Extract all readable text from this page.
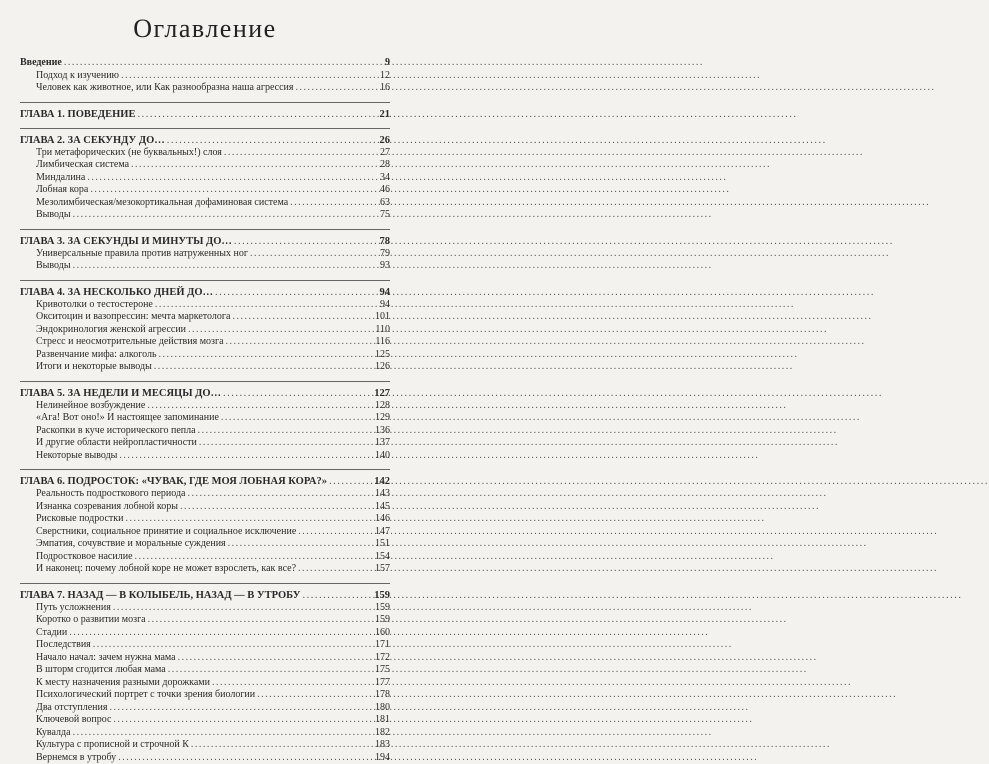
Оглавление
Введение .....	9
Подход к изучению .....	12
Человек как животное, или Как разнообразна наша агрессия .....	16
ГЛАВА 1. ПОВЕДЕНИЕ .....	21
ГЛАВА 2. ЗА СЕКУНДУ ДО… .....	26
Три метафорических (не буквальных!) слоя .....	27
Лимбическая система .....	28
Миндалина .....	34
Лобная кора .....	46
Мезолимбическая/мезокортикальная дофаминовая система .....	63
Выводы .....	75
ГЛАВА 3. ЗА СЕКУНДЫ И МИНУТЫ ДО… .....	78
Универсальные правила против натруженных ног .....	79
Выводы .....	93
ГЛАВА 4. ЗА НЕСКОЛЬКО ДНЕЙ ДО… .....	94
Кривотолки о тестостероне .....	94
Окситоцин и вазопрессин: мечта маркетолога .....	101
Эндокринология женской агрессии .....	110
Стресс и неосмотрительные действия мозга .....	116
Развенчание мифа: алкоголь .....	125
Итоги и некоторые выводы .....	126
ГЛАВА 5. ЗА НЕДЕЛИ И МЕСЯЦЫ ДО… .....	127
Нелинейное возбуждение .....	128
«Ага! Вот оно!» И настоящее запоминание .....	129
Раскопки в куче исторического пепла .....	136
И другие области нейропластичности .....	137
Некоторые выводы .....	140
ГЛАВА 6. ПОДРОСТОК: «ЧУВАК, ГДЕ МОЯ ЛОБНАЯ КОРА?» .....	142
Реальность подросткового периода .....	143
Изнанка созревания лобной коры .....	145
Рисковые подростки .....	146
Сверстники, социальное принятие и социальное исключение .....	147
Эмпатия, сочувствие и моральные суждения .....	151
Подростковое насилие .....	154
И наконец: почему лобной коре не может взрослеть, как все? .....	157
ГЛАВА 7. НАЗАД — В КОЛЫБЕЛЬ, НАЗАД — В УТРОБУ .....	159
Путь усложнения .....	159
Коротко о развитии мозга .....	159
Стадии .....	160
Последствия .....	171
Начало начал: зачем нужна мама .....	172
В шторм сгодится любая мама .....	175
К месту назначения разными дорожками .....	177
Психологический портрет с точки зрения биологии .....	178
Два отступления .....	180
Ключевой вопрос .....	181
Кувалда .....	182
Культура с прописной и строчной К .....	183
Вернемся в утробу .....	194
